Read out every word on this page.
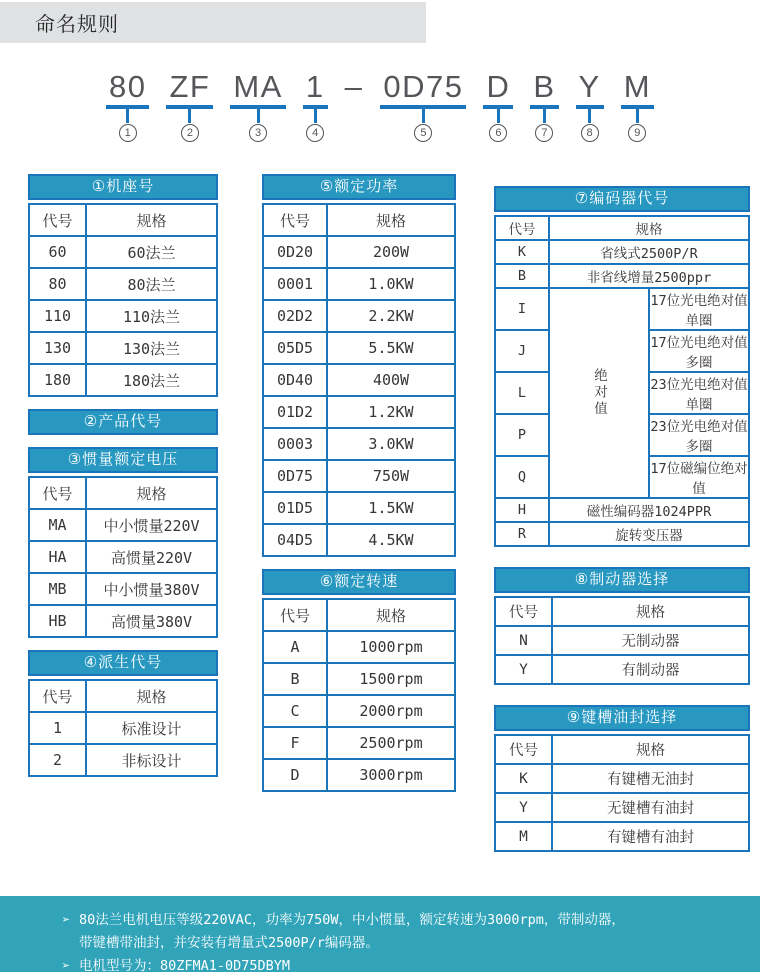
命名规则
80
1
ZF
2
MA
3
1
4
– 0D75
5
D
6
B
7
Y
8
M
9
①机座号
代号	规格
60	60法兰
80	80法兰
110	110法兰
130	130法兰
180	180法兰
②产品代号
③惯量额定电压
代号	规格
MA	中小惯量220V
HA	高惯量220V
MB	中小惯量380V
HB	高惯量380V
④派生代号
代号	规格
1	标准设计
2	非标设计
⑤额定功率
代号	规格
0D20	200W
0001	1.0KW
02D2	2.2KW
05D5	5.5KW
0D40	400W
01D2	1.2KW
0003	3.0KW
0D75	750W
01D5	1.5KW
04D5	4.5KW
⑥额定转速
代号	规格
A	1000rpm
B	1500rpm
C	2000rpm
F	2500rpm
D	3000rpm
⑦编码器代号
代号	规格	
K	省线式2500P/R	
B	非省线增量2500ppr	
I	绝对值	17位光电绝对值单圈
J		17位光电绝对值多圈
L		23位光电绝对值单圈
P		23位光电绝对值多圈
Q		17位磁编位绝对值
H	磁性编码器1024PPR	
R	旋转变压器	
⑧制动器选择
代号	规格
N	无制动器
Y	有制动器
⑨键槽油封选择
代号	规格
K	有键槽无油封
Y	无键槽有油封
M	有键槽有油封

➢ 80法兰电机电压等级220VAC，功率为750W，中小惯量，额定转速为3000rpm，带制动器，
带键槽带油封，并安装有增量式2500P/r编码器。

➢ 电机型号为：80ZFMA1-0D75DBYM
